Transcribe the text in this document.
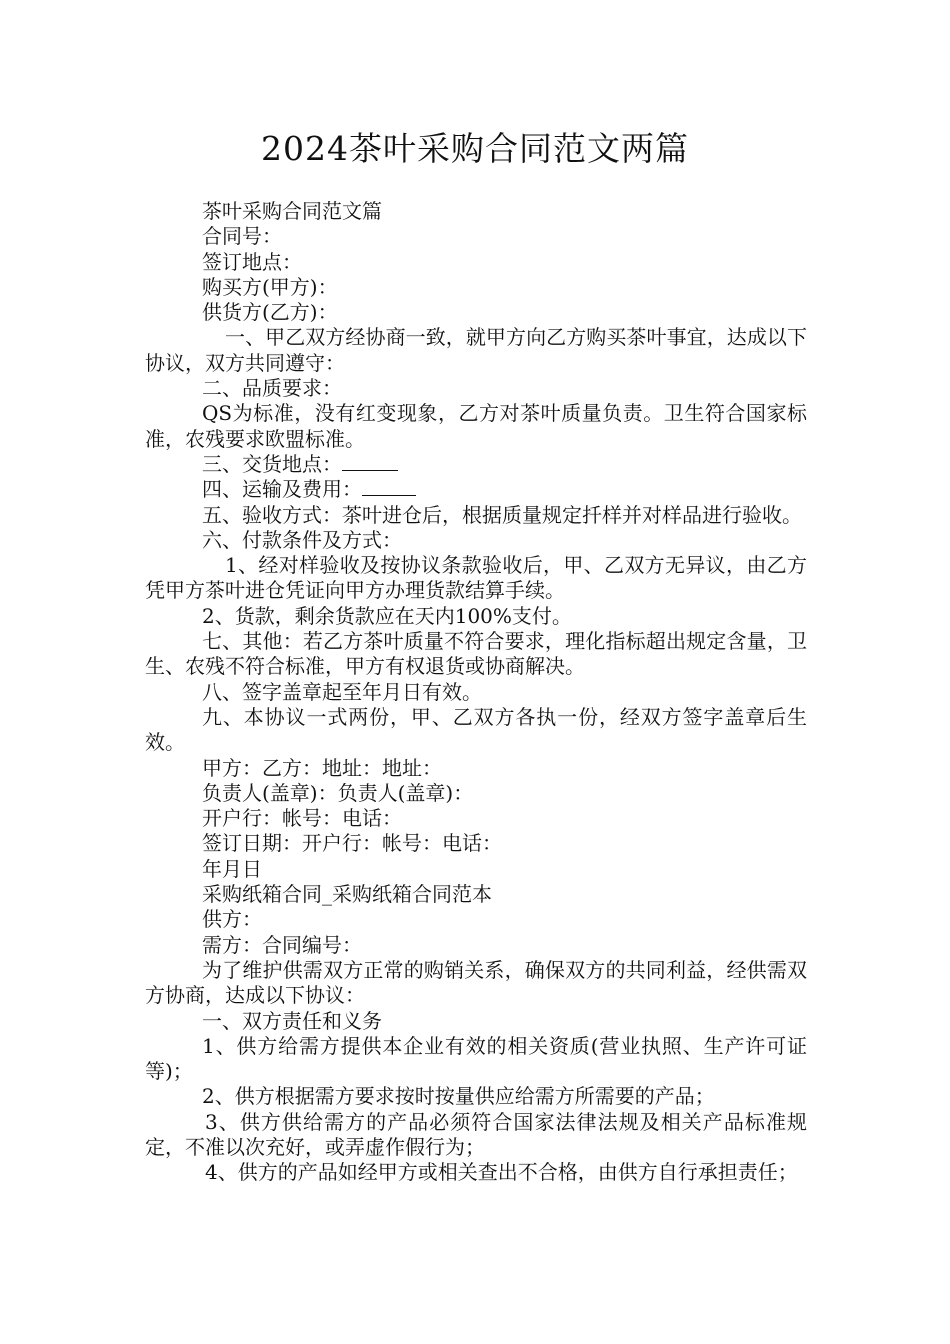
2024茶叶采购合同范文两篇

茶叶采购合同范文篇

合同号：

签订地点：

购买方(甲方)：

供货方(乙方)：

一、甲乙双方经协商一致，就甲方向乙方购买茶叶事宜，达成以下协议，双方共同遵守：

二、品质要求：

QS为标准，没有红变现象，乙方对茶叶质量负责。卫生符合国家标准，农残要求欧盟标准。

三、交货地点：

四、运输及费用：

五、验收方式：茶叶进仓后，根据质量规定扦样并对样品进行验收。

六、付款条件及方式：

1、经对样验收及按协议条款验收后，甲、乙双方无异议，由乙方凭甲方茶叶进仓凭证向甲方办理货款结算手续。

2、货款，剩余货款应在天内100%支付。

七、其他：若乙方茶叶质量不符合要求，理化指标超出规定含量，卫生、农残不符合标准，甲方有权退货或协商解决。

八、签字盖章起至年月日有效。

九、本协议一式两份，甲、乙双方各执一份，经双方签字盖章后生效。

甲方：乙方：地址：地址：

负责人(盖章)：负责人(盖章)：

开户行：帐号：电话：

签订日期：开户行：帐号：电话：

年月日

采购纸箱合同_采购纸箱合同范本

供方：

需方：合同编号：

为了维护供需双方正常的购销关系，确保双方的共同利益，经供需双方协商，达成以下协议：

一、双方责任和义务

1、供方给需方提供本企业有效的相关资质(营业执照、生产许可证等)；

2、供方根据需方要求按时按量供应给需方所需要的产品；

3、供方供给需方的产品必须符合国家法律法规及相关产品标准规定，不准以次充好，或弄虚作假行为；

4、供方的产品如经甲方或相关查出不合格，由供方自行承担责任；
